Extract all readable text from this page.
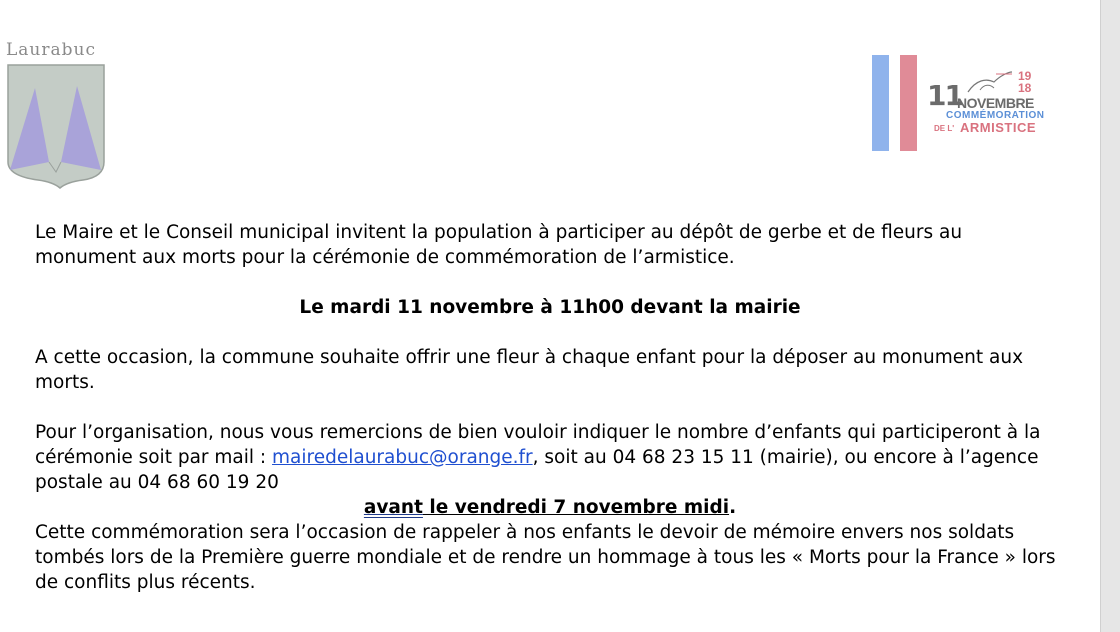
Laurabuc
11
NOVEMBRE
19
18
COMMÉMORATION
DE L' ARMISTICE

Le Maire et le Conseil municipal invitent la population à participer au dépôt de gerbe et de fleurs au monument aux morts pour la cérémonie de commémoration de l’armistice.

Le mardi 11 novembre à 11h00 devant la mairie

A cette occasion, la commune souhaite offrir une fleur à chaque enfant pour la déposer au monument aux morts.

Pour l’organisation, nous vous remercions de bien vouloir indiquer le nombre d’enfants qui participeront à la cérémonie soit par mail : mairedelaurabuc@orange.fr, soit au 04 68 23 15 11 (mairie), ou encore à l’agence postale au 04 68 60 19 20

avant le vendredi 7 novembre midi.

Cette commémoration sera l’occasion de rappeler à nos enfants le devoir de mémoire envers nos soldats tombés lors de la Première guerre mondiale et de rendre un hommage à tous les « Morts pour la France » lors de conflits plus récents.
